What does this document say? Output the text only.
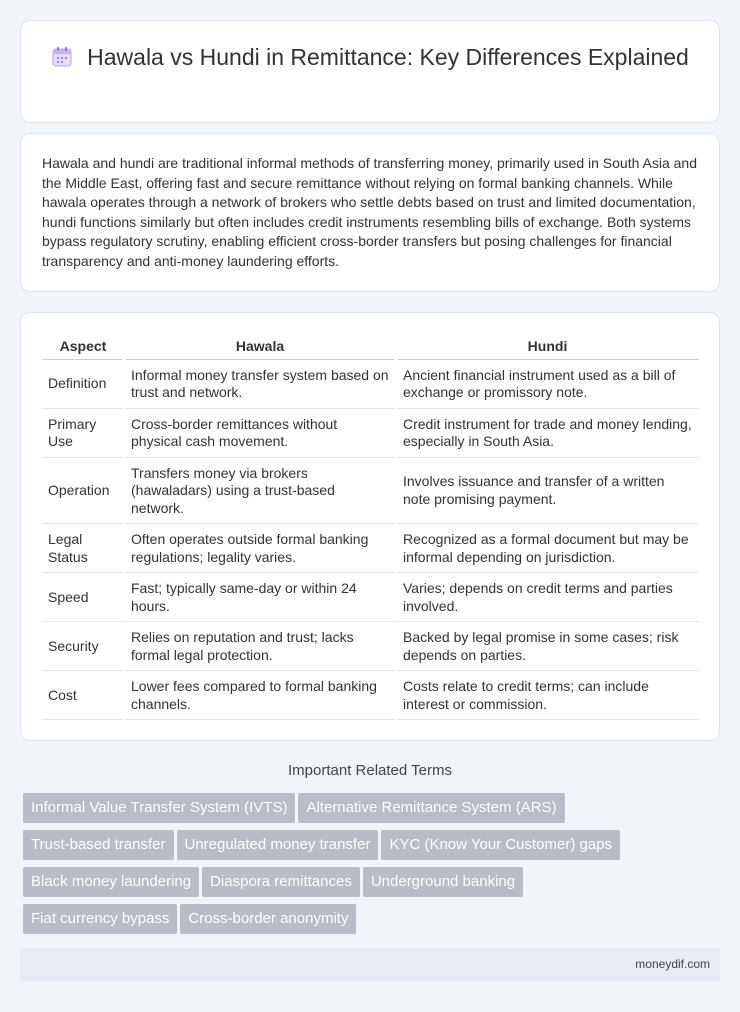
Hawala vs Hundi in Remittance: Key Differences Explained

Hawala and hundi are traditional informal methods of transferring money, primarily used in South Asia and the Middle East, offering fast and secure remittance without relying on formal banking channels. While hawala operates through a network of brokers who settle debts based on trust and limited documentation, hundi functions similarly but often includes credit instruments resembling bills of exchange. Both systems bypass regulatory scrutiny, enabling efficient cross-border transfers but posing challenges for financial transparency and anti-money laundering efforts.

Aspect	Hawala	Hundi
Definition	Informal money transfer system based on trust and network.	Ancient financial instrument used as a bill of exchange or promissory note.
Primary Use	Cross-border remittances without physical cash movement.	Credit instrument for trade and money lending, especially in South Asia.
Operation	Transfers money via brokers (hawaladars) using a trust-based network.	Involves issuance and transfer of a written note promising payment.
Legal Status	Often operates outside formal banking regulations; legality varies.	Recognized as a formal document but may be informal depending on jurisdiction.
Speed	Fast; typically same-day or within 24 hours.	Varies; depends on credit terms and parties involved.
Security	Relies on reputation and trust; lacks formal legal protection.	Backed by legal promise in some cases; risk depends on parties.
Cost	Lower fees compared to formal banking channels.	Costs relate to credit terms; can include interest or commission.
Important Related Terms
Informal Value Transfer System (IVTS) Alternative Remittance System (ARS)
Trust-based transfer Unregulated money transfer KYC (Know Your Customer) gaps
Black money laundering Diaspora remittances Underground banking
Fiat currency bypass Cross-border anonymity
moneydif.com
